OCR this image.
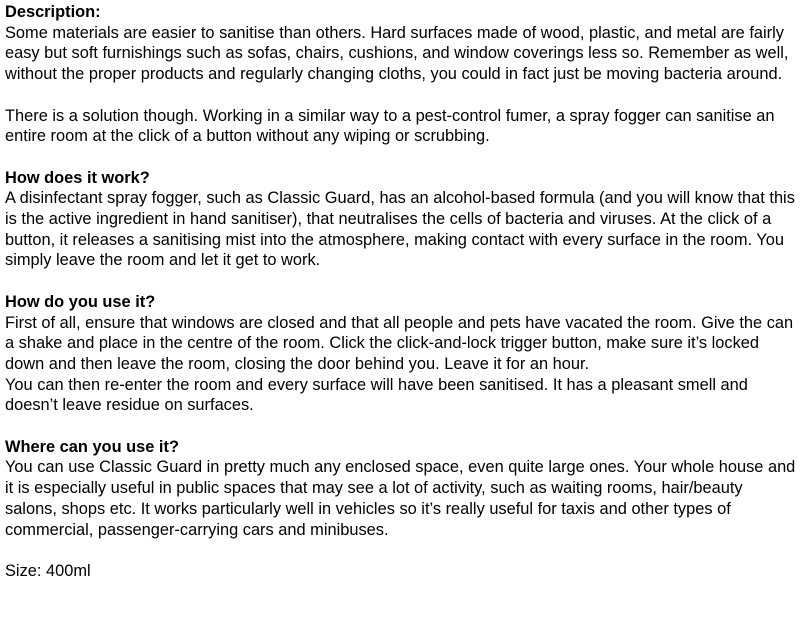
Description:

Some materials are easier to sanitise than others. Hard surfaces made of wood, plastic, and metal are fairly easy but soft furnishings such as sofas, chairs, cushions, and window coverings less so. Remember as well, without the proper products and regularly changing cloths, you could in fact just be moving bacteria around.

There is a solution though. Working in a similar way to a pest-control fumer, a spray fogger can sanitise an entire room at the click of a button without any wiping or scrubbing.

How does it work?

A disinfectant spray fogger, such as Classic Guard, has an alcohol-based formula (and you will know that this is the active ingredient in hand sanitiser), that neutralises the cells of bacteria and viruses. At the click of a button, it releases a sanitising mist into the atmosphere, making contact with every surface in the room. You simply leave the room and let it get to work.

How do you use it?

First of all, ensure that windows are closed and that all people and pets have vacated the room. Give the can a shake and place in the centre of the room. Click the click-and-lock trigger button, make sure it’s locked down and then leave the room, closing the door behind you. Leave it for an hour.

You can then re-enter the room and every surface will have been sanitised. It has a pleasant smell and doesn’t leave residue on surfaces.

Where can you use it?

You can use Classic Guard in pretty much any enclosed space, even quite large ones. Your whole house and it is especially useful in public spaces that may see a lot of activity, such as waiting rooms, hair/beauty salons, shops etc. It works particularly well in vehicles so it’s really useful for taxis and other types of commercial, passenger-carrying cars and minibuses.

Size: 400ml
